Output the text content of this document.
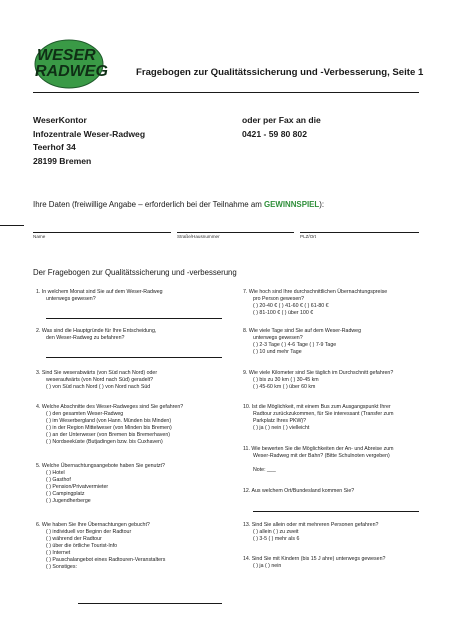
WESER
RADWEG	Fragebogen zur Qualitätssicherung und -Verbesserung, Seite 1
WeserKontor
Infozentrale Weser-Radweg
Teerhof 34
28199 Bremen
oder per Fax an die
0421 - 59 80 802
Ihre Daten (freiwillige Angabe – erforderlich bei der Teilnahme am GEWINNSPIEL):
Name	Straße/Hausnummer	PLZ/Ort
Der Fragebogen zur Qualitätssicherung und -verbesserung
1. In welchem Monat sind Sie auf dem Weser-Radweg
unterwegs gewesen?
2. Was sind die Hauptgründe für Ihre Entscheidung,
den Weser-Radweg zu befahren?
3. Sind Sie weserabwärts (von Süd nach Nord) oder
weseraufwärts (von Nord nach Süd) geradelt?
( ) von Süd nach Nord ( ) von Nord nach Süd
4. Welche Abschnitte des Weser-Radweges sind Sie gefahren?
( ) den gesamten Weser-Radweg
( ) im Weserbergland (von Hann. Münden bis Minden)
( ) in der Region Mittelweser (von Minden bis Bremen)
( ) an der Unterweser (von Bremen bis Bremerhaven)
( ) Nordseeküste (Butjadingen bzw. bis Cuxhaven)
5. Welche Übernachtungsangebote haben Sie genutzt?
( ) Hotel
( ) Gasthof
( ) Pension/Privatvermieter
( ) Campingplatz
( ) Jugendherberge
6. Wie haben Sie Ihre Übernachtungen gebucht?
( ) individuell vor Beginn der Radtour
( ) während der Radtour
( ) über die örtliche Tourist-Info
( ) Internet
( ) Pauschalangebot eines Radtouren-Veranstalters
( ) Sonstiges:
7. Wie hoch sind Ihre durchschnittlichen Übernachtungspreise
pro Person gewesen?
( ) 20-40 € ( ) 41-60 € ( ) 61-80 €
( ) 81-100 € ( ) über 100 €
8. Wie viele Tage sind Sie auf dem Weser-Radweg
unterwegs gewesen?
( ) 2-3 Tage ( ) 4-6 Tage ( ) 7-9 Tage
( ) 10 und mehr Tage
9. Wie viele Kilometer sind Sie täglich im Durchschnitt gefahren?
( ) bis zu 30 km ( ) 30-45 km
( ) 45-60 km ( ) über 60 km
10. Ist die Möglichkeit, mit einem Bus zum Ausgangspunkt Ihrer
Radtour zurückzukommen, für Sie interessant (Transfer zum
Parkplatz Ihres PKW)?
( ) ja ( ) nein ( ) vielleicht
11. Wie bewerten Sie die Möglichkeiten der An- und Abreise zum
Weser-Radweg mit der Bahn? (Bitte Schulnoten vergeben)
Note: ___
12. Aus welchem Ort/Bundesland kommen Sie?
13. Sind Sie allein oder mit mehreren Personen gefahren?
( ) allein ( ) zu zweit
( ) 3-5 ( ) mehr als 6
14. Sind Sie mit Kindern (bis 15 J ahre) unterwegs gewesen?
( ) ja ( ) nein
